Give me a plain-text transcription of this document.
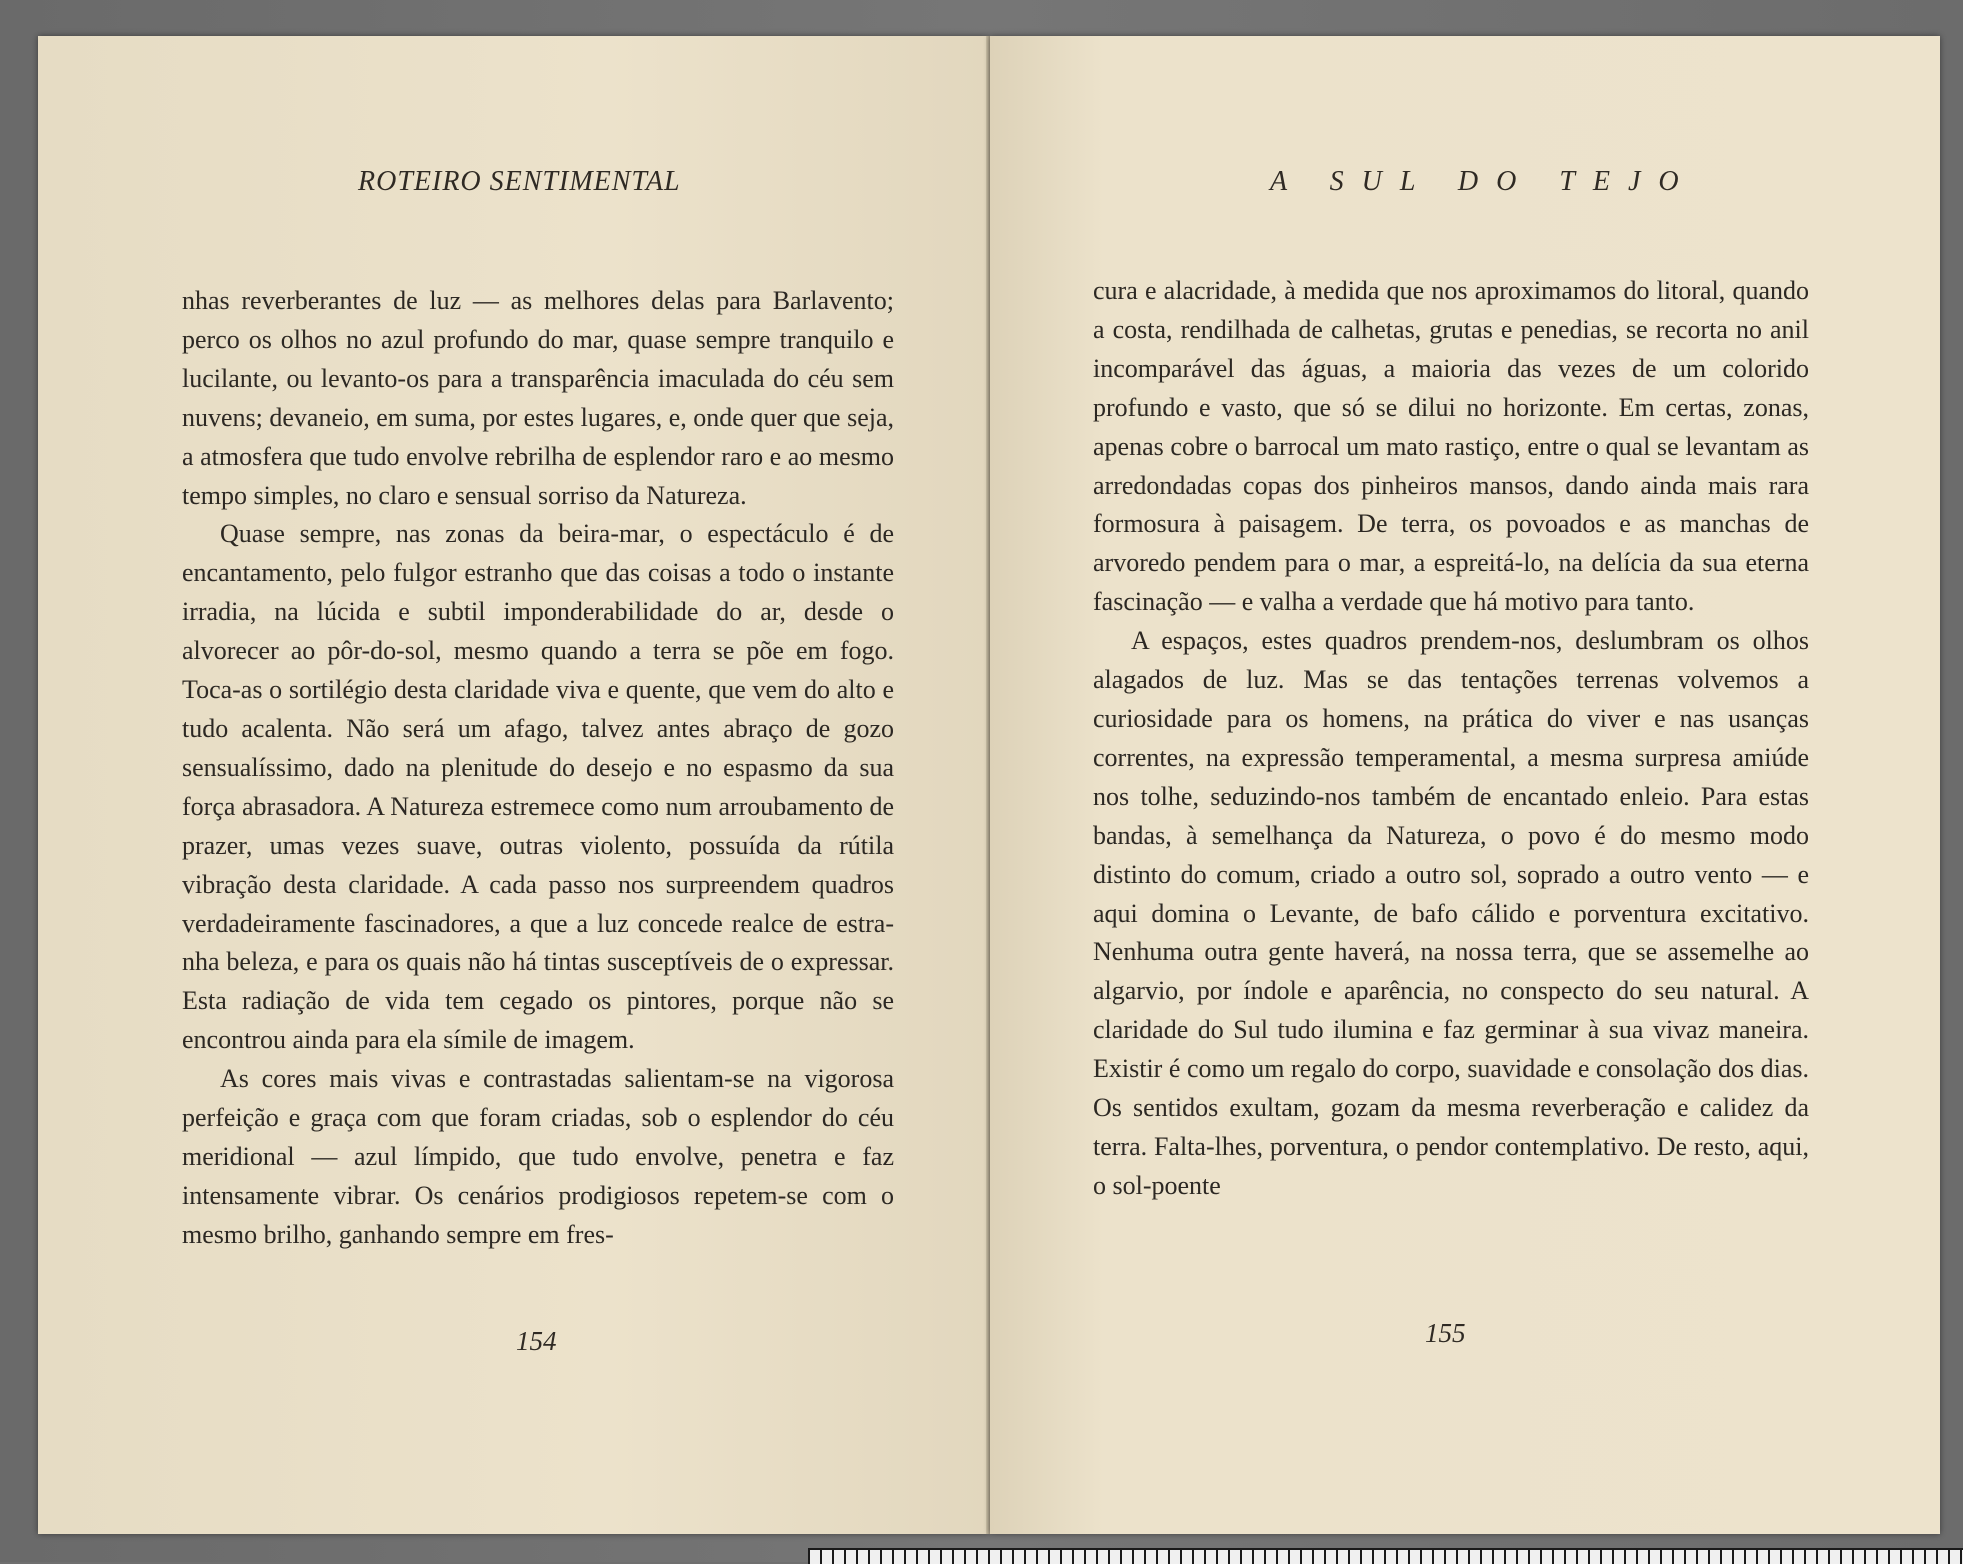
ROTEIRO SENTIMENTAL

nhas reverberantes de luz — as melhores delas para Barlavento; perco os olhos no azul profundo do mar, quase sempre tranquilo e lucilante, ou levanto-os para a transparência imaculada do céu sem nuvens; devaneio, em suma, por estes lugares, e, onde quer que seja, a atmosfera que tudo envolve rebrilha de esplendor raro e ao mesmo tempo simples, no claro e sensual sorriso da Natureza.

Quase sempre, nas zonas da beira-mar, o espectáculo é de encantamento, pelo fulgor estranho que das coisas a todo o instante irradia, na lúcida e subtil imponderabilidade do ar, desde o alvorecer ao pôr-do-sol, mesmo quando a terra se põe em fogo. Toca-as o sortilégio desta claridade viva e quente, que vem do alto e tudo acalenta. Não será um afago, talvez antes abraço de gozo sensualíssimo, dado na plenitude do desejo e no espasmo da sua força abrasadora. A Natureza estremece como num arroubamento de prazer, umas vezes suave, outras violento, possuída da rútila vibração desta claridade. A cada passo nos surpreendem quadros verdadeiramente fascinadores, a que a luz concede realce de estranha beleza, e para os quais não há tintas susceptíveis de o expressar. Esta radiação de vida tem cegado os pintores, porque não se encontrou ainda para ela símile de imagem.

As cores mais vivas e contrastadas salientam-se na vigorosa perfeição e graça com que foram criadas, sob o esplendor do céu meridional — azul límpido, que tudo envolve, penetra e faz intensamente vibrar. Os cenários prodigiosos repetem-se com o mesmo brilho, ganhando sempre em fres-

154
A SUL DO TEJO

cura e alacridade, à medida que nos aproximamos do litoral, quando a costa, rendilhada de calhetas, grutas e penedias, se recorta no anil incomparável das águas, a maioria das vezes de um colorido profundo e vasto, que só se dilui no horizonte. Em certas, zonas, apenas cobre o barrocal um mato rastiço, entre o qual se levantam as arredondadas copas dos pinheiros mansos, dando ainda mais rara formosura à paisagem. De terra, os povoados e as manchas de arvoredo pendem para o mar, a espreitá-lo, na delícia da sua eterna fascinação — e valha a verdade que há motivo para tanto.

A espaços, estes quadros prendem-nos, deslumbram os olhos alagados de luz. Mas se das tentações terrenas volvemos a curiosidade para os homens, na prática do viver e nas usanças correntes, na expressão temperamental, a mesma surpresa amiúde nos tolhe, seduzindo-nos também de encantado enleio. Para estas bandas, à semelhança da Natureza, o povo é do mesmo modo distinto do comum, criado a outro sol, soprado a outro vento — e aqui domina o Levante, de bafo cálido e porventura excitativo. Nenhuma outra gente haverá, na nossa terra, que se assemelhe ao algarvio, por índole e aparência, no conspecto do seu natural. A claridade do Sul tudo ilumina e faz germinar à sua vivaz maneira. Existir é como um regalo do corpo, suavidade e consolação dos dias. Os sentidos exultam, gozam da mesma reverberação e calidez da terra. Falta-lhes, porventura, o pendor contemplativo. De resto, aqui, o sol-poente

155
